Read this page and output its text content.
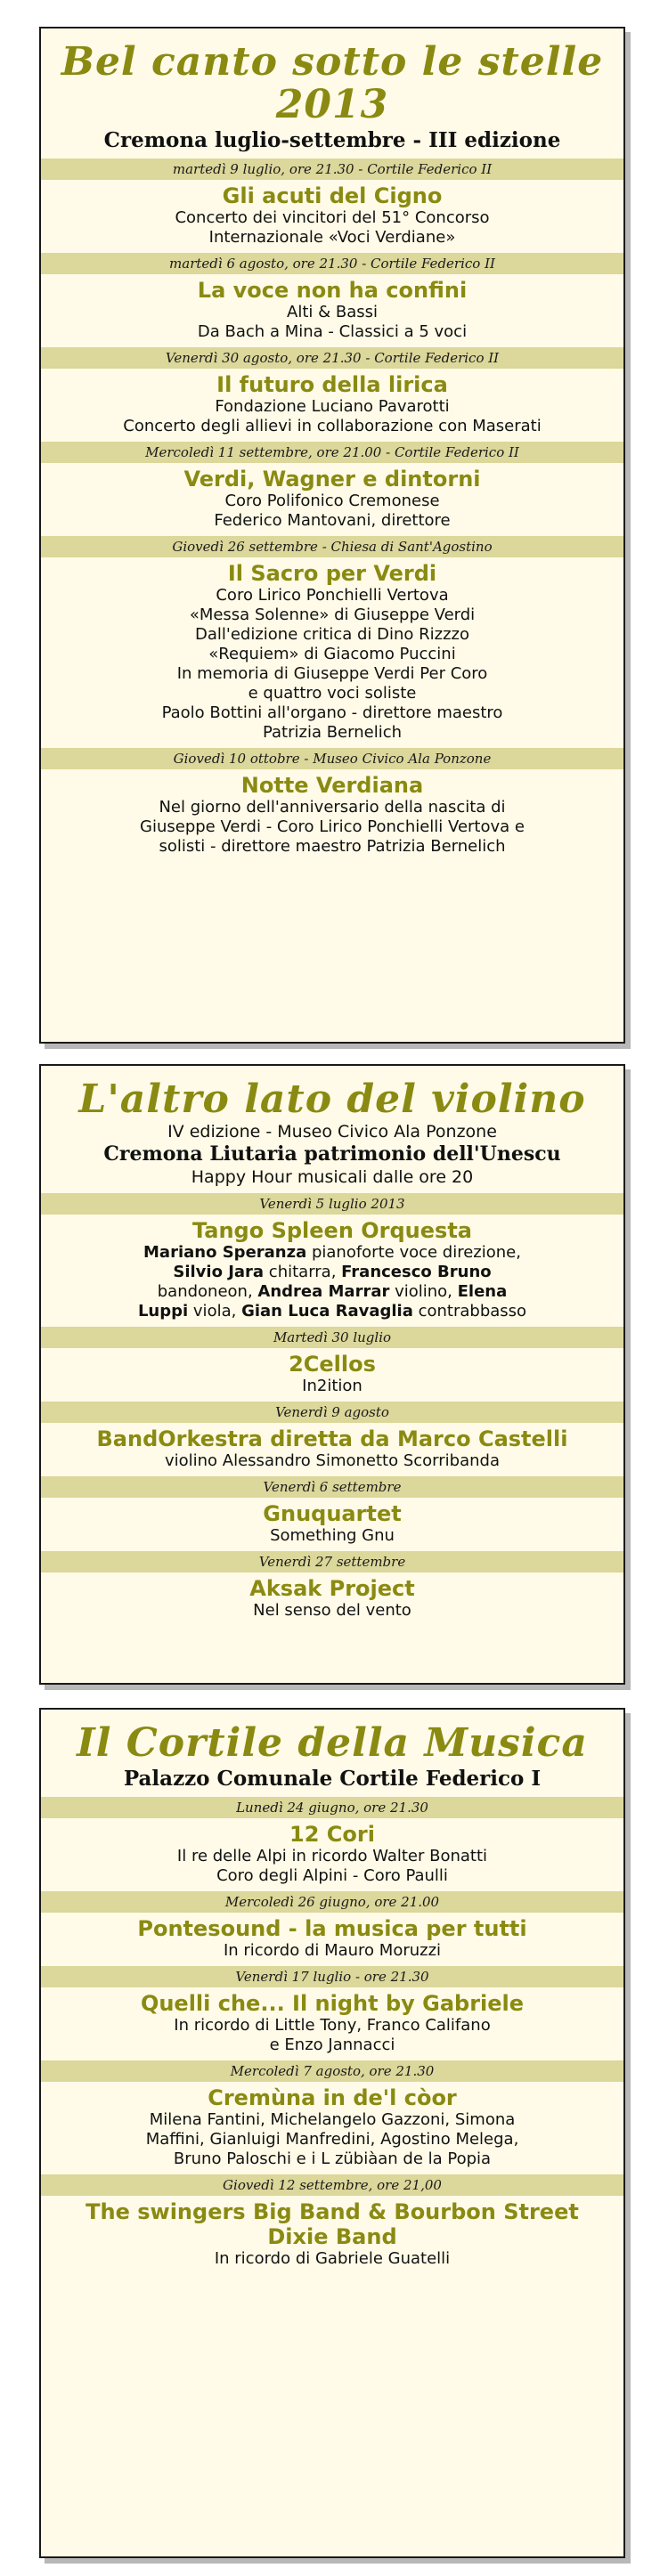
Bel canto sotto le stelle 2013
Cremona luglio-settembre - III edizione
martedì 9 luglio, ore 21.30 - Cortile Federico II
Gli acuti del Cigno
Concerto dei vincitori del 51° Concorso
Internazionale «Voci Verdiane»
martedì 6 agosto, ore 21.30 - Cortile Federico II
La voce non ha confini
Alti & Bassi
Da Bach a Mina - Classici a 5 voci
Venerdì 30 agosto, ore 21.30 - Cortile Federico II
Il futuro della lirica
Fondazione Luciano Pavarotti
Concerto degli allievi in collaborazione con Maserati
Mercoledì 11 settembre, ore 21.00 - Cortile Federico II
Verdi, Wagner e dintorni
Coro Polifonico Cremonese
Federico Mantovani, direttore
Giovedì 26 settembre - Chiesa di Sant'Agostino
Il Sacro per Verdi
Coro Lirico Ponchielli Vertova
«Messa Solenne» di Giuseppe Verdi
Dall'edizione critica di Dino Rizzzo
«Requiem» di Giacomo Puccini
In memoria di Giuseppe Verdi Per Coro
e quattro voci soliste
Paolo Bottini all'organo - direttore maestro
Patrizia Bernelich
Giovedì 10 ottobre - Museo Civico Ala Ponzone
Notte Verdiana
Nel giorno dell'anniversario della nascita di
Giuseppe Verdi - Coro Lirico Ponchielli Vertova e
solisti - direttore maestro Patrizia Bernelich
L'altro lato del violino
IV edizione - Museo Civico Ala Ponzone
Cremona Liutaria patrimonio dell'Unescu
Happy Hour musicali dalle ore 20
Venerdì 5 luglio 2013
Tango Spleen Orquesta
Mariano Speranza pianoforte voce direzione,
Silvio Jara chitarra, Francesco Bruno
bandoneon, Andrea Marrar violino, Elena
Luppi viola, Gian Luca Ravaglia contrabbasso
Martedì 30 luglio
2Cellos
In2ition
Venerdì 9 agosto
BandOrkestra diretta da Marco Castelli
violino Alessandro Simonetto Scorribanda
Venerdì 6 settembre
Gnuquartet
Something Gnu
Venerdì 27 settembre
Aksak Project
Nel senso del vento
Il Cortile della Musica
Palazzo Comunale Cortile Federico I
Lunedì 24 giugno, ore 21.30
12 Cori
Il re delle Alpi in ricordo Walter Bonatti
Coro degli Alpini - Coro Paulli
Mercoledì 26 giugno, ore 21.00
Pontesound - la musica per tutti
In ricordo di Mauro Moruzzi
Venerdì 17 luglio - ore 21.30
Quelli che... Il night by Gabriele
In ricordo di Little Tony, Franco Califano
e Enzo Jannacci
Mercoledì 7 agosto, ore 21.30
Cremùna in de'l còor
Milena Fantini, Michelangelo Gazzoni, Simona
Maffini, Gianluigi Manfredini, Agostino Melega,
Bruno Paloschi e i L zübiàan de la Popia
Giovedì 12 settembre, ore 21,00
The swingers Big Band & Bourbon Street Dixie Band
In ricordo di Gabriele Guatelli
